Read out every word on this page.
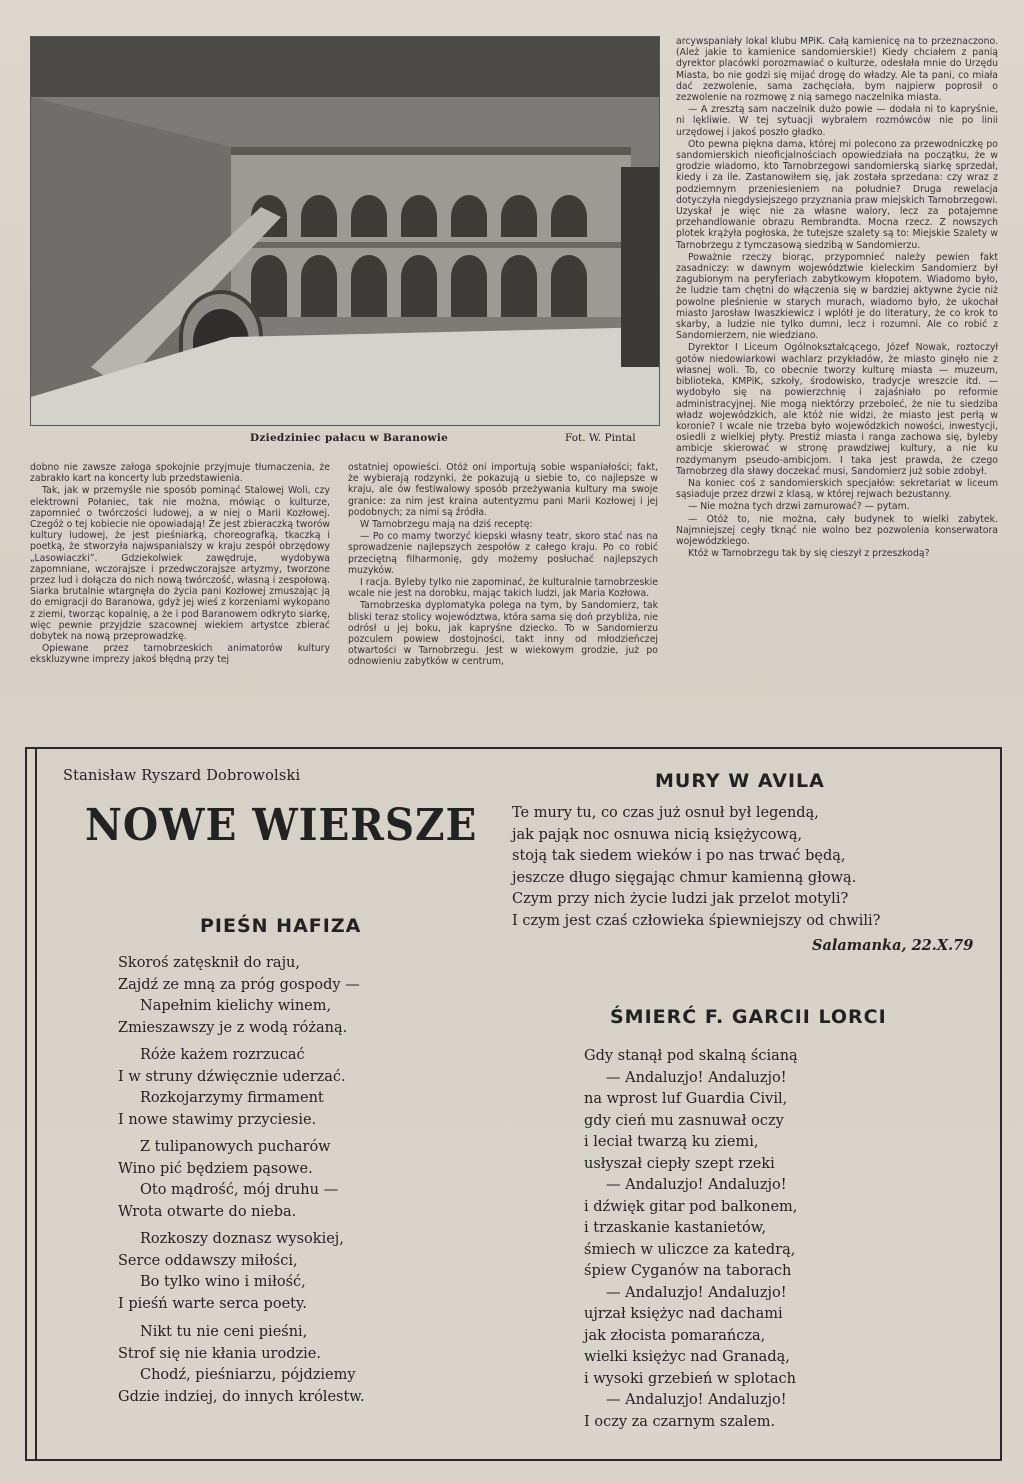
Dziedziniec pałacu w Baranowie	Fot. W. Pintal

dobno nie zawsze załoga spokojnie przyjmuje tłumaczenia, że zabrakło kart na koncerty lub przedstawienia.

Tak, jak w przemyśle nie sposób pominąć Stalowej Woli, czy elektrowni Połaniec, tak nie można, mówiąc o kulturze, zapomnieć o twórczości ludowej, a w niej o Marii Kozłowej. Czegóż o tej kobiecie nie opowiadają! Że jest zbieraczką tworów kultury ludowej, że jest pieśniarką, choreografką, tkaczką i poetką, że stworzyła najwspanialszy w kraju zespół obrzędowy „Lasowiaczki”. Gdziekolwiek zawędruje, wydobywa zapomniane, wczorajsze i przedwczorajsze artyzmy, tworzone przez lud i dołącza do nich nową twórczość, własną i zespołową. Siarka brutalnie wtargnęła do życia pani Kozłowej zmuszając ją do emigracji do Baranowa, gdyż jej wieś z korzeniami wykopano z ziemi, tworząc kopalnię, a że i pod Baranowem odkryto siarkę, więc pewnie przyjdzie szacownej wiekiem artystce zbierać dobytek na nową przeprowadzkę.

Opiewane przez tarnobrzeskich animatorów kultury ekskluzywne imprezy jakoś błędną przy tej

ostatniej opowieści. Otóż oni importują sobie wspaniałości; fakt, że wybierają rodzynki, że pokazują u siebie to, co najlepsze w kraju, ale ów festiwalowy sposób przeżywania kultury ma swoje granice: za nim jest kraina autentyzmu pani Marii Kozłowej i jej podobnych; za nimi są źródła.

W Tarnobrzegu mają na dziś receptę:

— Po co mamy tworzyć kiepski własny teatr, skoro stać nas na sprowadzenie najlepszych zespołów z całego kraju. Po co robić przeciętną filharmonię, gdy możemy posłuchać najlepszych muzyków.

I racja. Byleby tylko nie zapominać, że kulturalnie tarnobrzeskie wcale nie jest na dorobku, mając takich ludzi, jak Maria Kozłowa.

Tarnobrzeska dyplomatyka polega na tym, by Sandomierz, tak bliski teraz stolicy województwa, która sama się doń przybliża, nie odrósł u jej boku, jak kapryśne dziecko. To w Sandomierzu pozculem powiew dostojności, takt inny od młodzieńczej otwartości w Tarnobrzegu. Jest w wiekowym grodzie, już po odnowieniu zabytków w centrum,

arcywspaniały lokal klubu MPiK. Całą kamienicę na to przeznaczono. (Ależ jakie to kamienice sandomierskie!) Kiedy chciałem z panią dyrektor placówki porozmawiać o kulturze, odesłała mnie do Urzędu Miasta, bo nie godzi się mijać drogę do władzy. Ale ta pani, co miała dać zezwolenie, sama zachęciała, bym najpierw poprosił o zezwolenie na rozmowę z nią samego naczelnika miasta.

— A zresztą sam naczelnik dużo powie — dodała ni to kapryśnie, ni lękliwie. W tej sytuacji wybrałem rozmówców nie po linii urzędowej i jakoś poszło gładko.

Oto pewna piękna dama, której mi polecono za przewodniczkę po sandomierskich nieoficjalnościach opowiedziała na początku, że w grodzie wiadomo, kto Tarnobrzegowi sandomierską siarkę sprzedał, kiedy i za ile. Zastanowiłem się, jak została sprzedana: czy wraz z podziemnym przeniesieniem na południe? Druga rewelacja dotyczyła niegdysiejszego przyznania praw miejskich Tarnobrzegowi. Uzyskał je więc nie za własne walory, lecz za potajemne przehandlowanie obrazu Rembrandta. Mocna rzecz. Z nowszych plotek krążyła pogłoska, że tutejsze szalety są to: Miejskie Szalety w Tarnobrzegu z tymczasową siedzibą w Sandomierzu.

Poważnie rzeczy biorąc, przypomnieć należy pewien fakt zasadniczy: w dawnym województwie kieleckim Sandomierz był zagubionym na peryferiach zabytkowym kłopotem. Wiadomo było, że ludzie tam chętni do włączenia się w bardziej aktywne życie niż powolne pleśnienie w starych murach, wiadomo było, że ukochał miasto Jarosław Iwaszkiewicz i wplótł je do literatury, że co krok to skarby, a ludzie nie tylko dumni, lecz i rozumni. Ale co robić z Sandomierzem, nie wiedziano.

Dyrektor I Liceum Ogólnokształcącego, Józef Nowak, roztoczył gotów niedowiarkowi wachlarz przykładów, że miasto ginęło nie z własnej woli. To, co obecnie tworzy kulturę miasta — muzeum, biblioteka, KMPiK, szkoły, środowisko, tradycje wreszcie itd. — wydobyło się na powierzchnię i zajaśniało po reformie administracyjnej. Nie mogą niektórzy przeboleć, że nie tu siedziba władz wojewódzkich, ale któż nie widzi, że miasto jest perłą w koronie? I wcale nie trzeba było wojewódzkich nowości, inwestycji, osiedli z wielkiej płyty. Prestiż miasta i ranga zachowa się, byleby ambicje skierować w stronę prawdziwej kultury, a nie ku rozdymanym pseudo-ambicjom. I taka jest prawda, że czego Tarnobrzeg dla sławy doczekać musi, Sandomierz już sobie zdobył.

Na koniec coś z sandomierskich specjałów: sekretariat w liceum sąsiaduje przez drzwi z klasą, w której rejwach bezustanny.

— Nie można tych drzwi zamurować? — pytam.

— Otóż to, nie można, cały budynek to wielki zabytek. Najmniejszej cegły tknąć nie wolno bez pozwolenia konserwatora wojewódzkiego.

Któż w Tarnobrzegu tak by się cieszył z przeszkodą?

Stanisław Ryszard Dobrowolski
NOWE WIERSZE
PIEŚN HAFIZA
Skoroś zatęsknił do raju,
Zajdź ze mną za próg gospody —
Napełnim kielichy winem,
Zmieszawszy je z wodą różaną.
Róże każem rozrzucać
I w struny dźwięcznie uderzać.
Rozkojarzymy firmament
I nowe stawimy przyciesie.
Z tulipanowych pucharów
Wino pić będziem pąsowe.
Oto mądrość, mój druhu —
Wrota otwarte do nieba.
Rozkoszy doznasz wysokiej,
Serce oddawszy miłości,
Bo tylko wino i miłość,
I pieśń warte serca poety.
Nikt tu nie ceni pieśni,
Strof się nie kłania urodzie.
Chodź, pieśniarzu, pójdziemy
Gdzie indziej, do innych królestw.
MURY W AVILA
Te mury tu, co czas już osnuł był legendą,
jak pająk noc osnuwa nicią księżycową,
stoją tak siedem wieków i po nas trwać będą,
jeszcze długo sięgając chmur kamienną głową.
Czym przy nich życie ludzi jak przelot motyli?
I czym jest czaś człowieka śpiewniejszy od chwili?
Salamanka, 22.X.79
ŚMIERĆ F. GARCII LORCI
Gdy stanął pod skalną ścianą
— Andaluzjo! Andaluzjo!
na wprost luf Guardia Civil,
gdy cień mu zasnuwał oczy
i leciał twarzą ku ziemi,
usłyszał ciepły szept rzeki
— Andaluzjo! Andaluzjo!
i dźwięk gitar pod balkonem,
i trzaskanie kastanietów,
śmiech w uliczce za katedrą,
śpiew Cyganów na taborach
— Andaluzjo! Andaluzjo!
ujrzał księżyc nad dachami
jak złocista pomarańcza,
wielki księżyc nad Granadą,
i wysoki grzebień w splotach
— Andaluzjo! Andaluzjo!
I oczy za czarnym szalem.
